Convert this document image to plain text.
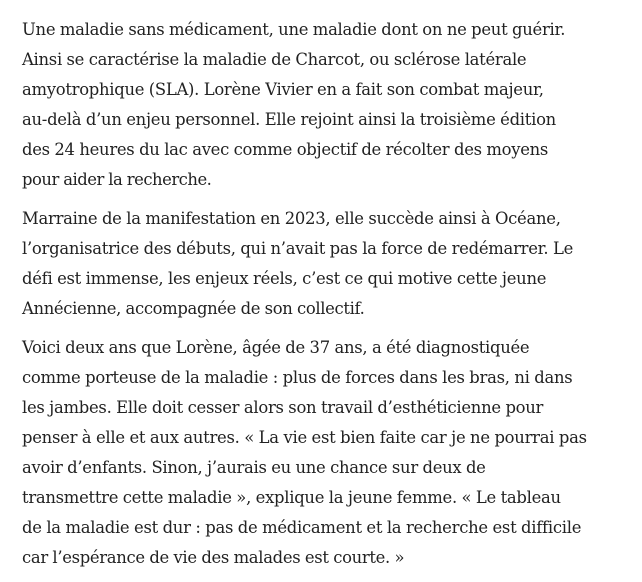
Une maladie sans médicament, une maladie dont on ne peut guérir.
Ainsi se caractérise la maladie de Charcot, ou sclérose latérale
amyotrophique (SLA). Lorène Vivier en a fait son combat majeur,
au-delà d’un enjeu personnel. Elle rejoint ainsi la troisième édition
des 24 heures du lac avec comme objectif de récolter des moyens
pour aider la recherche.

Marraine de la manifestation en 2023, elle succède ainsi à Océane,
l’organisatrice des débuts, qui n’avait pas la force de redémarrer. Le
défi est immense, les enjeux réels, c’est ce qui motive cette jeune
Annécienne, accompagnée de son collectif.

Voici deux ans que Lorène, âgée de 37 ans, a été diagnostiquée
comme porteuse de la maladie : plus de forces dans les bras, ni dans
les jambes. Elle doit cesser alors son travail d’esthéticienne pour
penser à elle et aux autres. « La vie est bien faite car je ne pourrai pas
avoir d’enfants. Sinon, j’aurais eu une chance sur deux de
transmettre cette maladie », explique la jeune femme. « Le tableau
de la maladie est dur : pas de médicament et la recherche est difficile
car l’espérance de vie des malades est courte. »
